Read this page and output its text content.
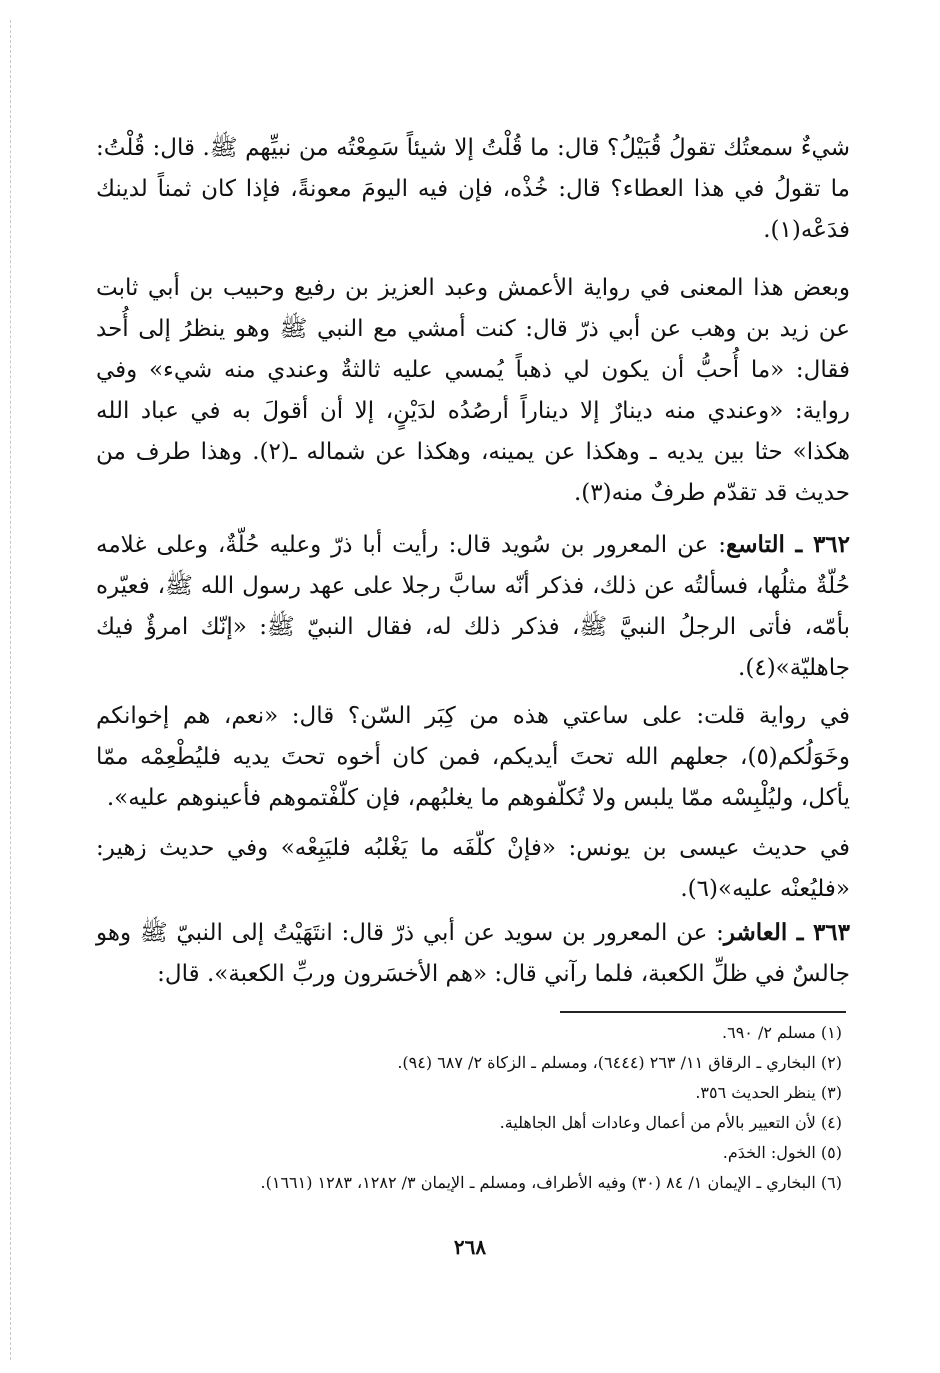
شيءٌ سمعتُك تقولُ قُبَيْلُ؟ قال: ما قُلْتُ إلا شيئاً سَمِعْتُه من نبيِّهم ﷺ. قال: قُلْتُ: ما تقولُ في هذا العطاء؟ قال: خُذْه، فإن فيه اليومَ معونةً، فإذا كان ثمناً لدينك فدَعْه(١).

وبعض هذا المعنى في رواية الأعمش وعبد العزيز بن رفيع وحبيب بن أبي ثابت عن زيد بن وهب عن أبي ذرّ قال: كنت أمشي مع النبي ﷺ وهو ينظرُ إلى أُحد فقال: «ما أُحبُّ أن يكون لي ذهباً يُمسي عليه ثالثةٌ وعندي منه شيء» وفي رواية: «وعندي منه دينارٌ إلا ديناراً أرصُدُه لدَيْنٍ، إلا أن أقولَ به في عباد الله هكذا» حثا بين يديه ـ وهكذا عن يمينه، وهكذا عن شماله ـ(٢). وهذا طرف من حديث قد تقدّم طرفٌ منه(٣).

٣٦٢ ـ التاسع: عن المعرور بن سُويد قال: رأيت أبا ذرّ وعليه حُلّةٌ، وعلى غلامه حُلّةٌ مثلُها، فسألتُه عن ذلك، فذكر أنّه سابَّ رجلا على عهد رسول الله ﷺ، فعيّره بأمّه، فأتى الرجلُ النبيَّ ﷺ، فذكر ذلك له، فقال النبيّ ﷺ: «إنّك امرؤٌ فيك جاهليّة»(٤).

في رواية قلت: على ساعتي هذه من كِبَر السّن؟ قال: «نعم، هم إخوانكم وخَوَلُكم(٥)، جعلهم الله تحتَ أيديكم، فمن كان أخوه تحتَ يديه فليُطْعِمْه ممّا يأكل، وليُلْبِسْه ممّا يلبس ولا تُكلّفوهم ما يغلبُهم، فإن كلّفْتموهم فأعينوهم عليه».

في حديث عيسى بن يونس: «فإنْ كلّفَه ما يَغْلبُه فليَبِعْه» وفي حديث زهير: «فليُعنْه عليه»(٦).

٣٦٣ ـ العاشر: عن المعرور بن سويد عن أبي ذرّ قال: انتَهَيْتُ إلى النبيّ ﷺ وهو جالسٌ في ظلِّ الكعبة، فلما رآني قال: «هم الأخسَرون وربِّ الكعبة». قال:

(١) مسلم ٢/ ٦٩٠.

(٢) البخاري ـ الرقاق ١١/ ٢٦٣ (٦٤٤٤)، ومسلم ـ الزكاة ٢/ ٦٨٧ (٩٤).

(٣) ينظر الحديث ٣٥٦.

(٤) لأن التعيير بالأم من أعمال وعادات أهل الجاهلية.

(٥) الخول: الخدَم.

(٦) البخاري ـ الإيمان ١/ ٨٤ (٣٠) وفيه الأطراف، ومسلم ـ الإيمان ٣/ ١٢٨٢، ١٢٨٣ (١٦٦١).

٢٦٨
